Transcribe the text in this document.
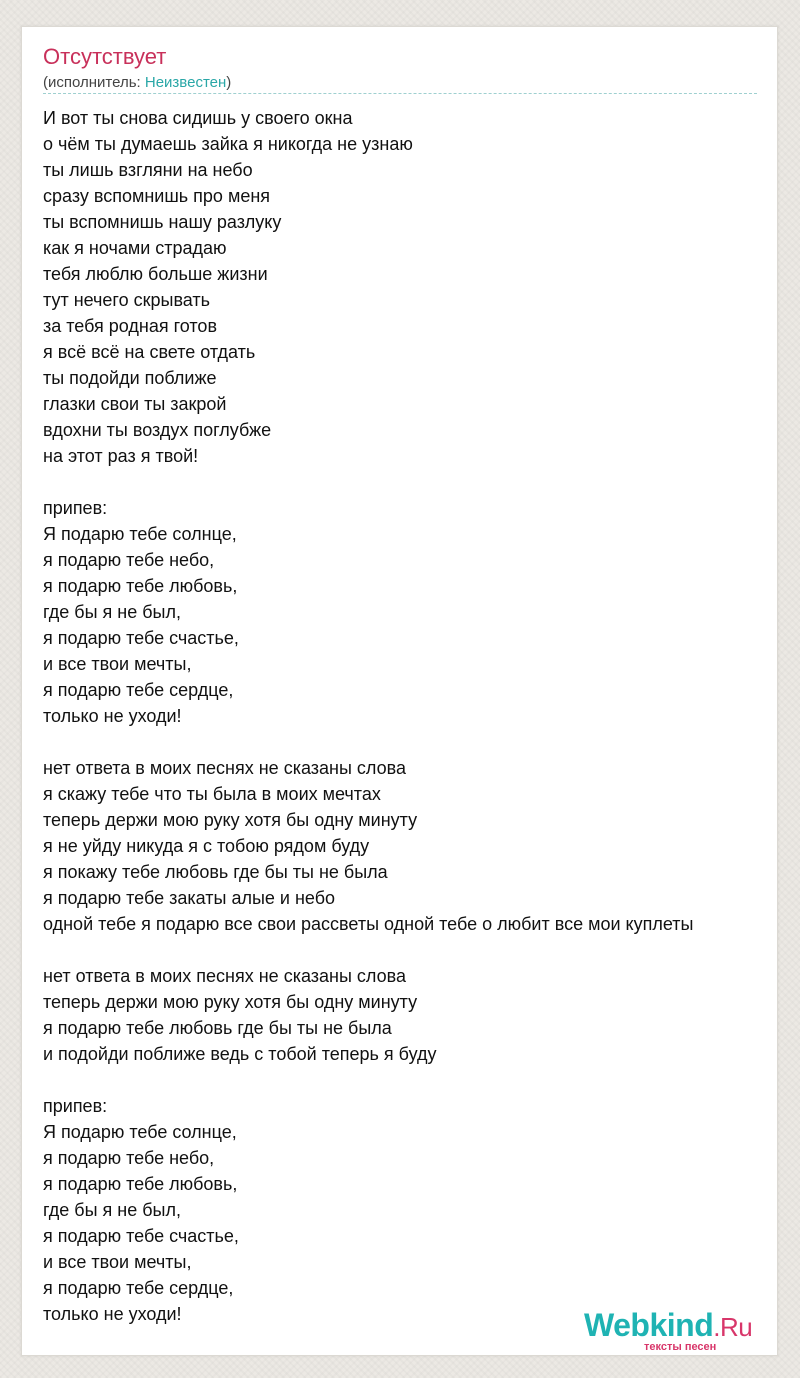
Отсутствует
(исполнитель: Неизвестен)
И вот ты снова сидишь у своего окна
о чём ты думаешь зайка я никогда не узнаю
ты лишь взгляни на небо
сразу вспомнишь про меня
ты вспомнишь нашу разлуку
как я ночами страдаю
тебя люблю больше жизни
тут нечего скрывать
за тебя родная готов
я всё всё на свете отдать
ты подойди поближе
глазки свои ты закрой
вдохни ты воздух поглубже
на этот раз я твой!
припев:
Я подарю тебе солнце,
я подарю тебе небо,
я подарю тебе любовь,
где бы я не был,
я подарю тебе счастье,
и все твои мечты,
я подарю тебе сердце,
только не уходи!
нет ответа в моих песнях не сказаны слова
я скажу тебе что ты была в моих мечтах
теперь держи мою руку хотя бы одну минуту
я не уйду никуда я с тобою рядом буду
я покажу тебе любовь где бы ты не была
я подарю тебе закаты алые и небо
одной тебе я подарю все свои рассветы одной тебе о любит все мои куплеты
нет ответа в моих песнях не сказаны слова
теперь держи мою руку хотя бы одну минуту
я подарю тебе любовь где бы ты не была
и подойди поближе ведь с тобой теперь я буду
припев:
Я подарю тебе солнце,
я подарю тебе небо,
я подарю тебе любовь,
где бы я не был,
я подарю тебе счастье,
и все твои мечты,
я подарю тебе сердце,
только не уходи!	Webkind.Ru
тексты песен
